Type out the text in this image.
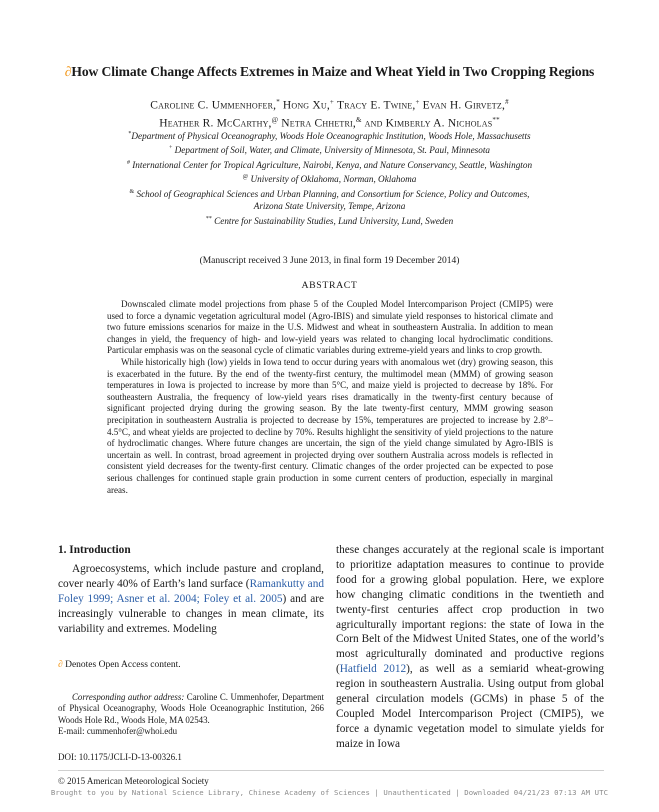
∂How Climate Change Affects Extremes in Maize and Wheat Yield in Two Cropping Regions
Caroline C. Ummenhofer,* Hong Xu,+ Tracy E. Twine,+ Evan H. Girvetz,#
Heather R. McCarthy,@ Netra Chhetri,& and Kimberly A. Nicholas**
*Department of Physical Oceanography, Woods Hole Oceanographic Institution, Woods Hole, Massachusetts
+ Department of Soil, Water, and Climate, University of Minnesota, St. Paul, Minnesota
# International Center for Tropical Agriculture, Nairobi, Kenya, and Nature Conservancy, Seattle, Washington
@ University of Oklahoma, Norman, Oklahoma
& School of Geographical Sciences and Urban Planning, and Consortium for Science, Policy and Outcomes,
Arizona State University, Tempe, Arizona
** Centre for Sustainability Studies, Lund University, Lund, Sweden
(Manuscript received 3 June 2013, in final form 19 December 2014)
ABSTRACT

Downscaled climate model projections from phase 5 of the Coupled Model Intercomparison Project (CMIP5) were used to force a dynamic vegetation agricultural model (Agro-IBIS) and simulate yield responses to historical climate and two future emissions scenarios for maize in the U.S. Midwest and wheat in southeastern Australia. In addition to mean changes in yield, the frequency of high- and low-yield years was related to changing local hydroclimatic conditions. Particular emphasis was on the seasonal cycle of climatic variables during extreme-yield years and links to crop growth.

While historically high (low) yields in Iowa tend to occur during years with anomalous wet (dry) growing season, this is exacerbated in the future. By the end of the twenty-first century, the multimodel mean (MMM) of growing season temperatures in Iowa is projected to increase by more than 5°C, and maize yield is projected to decrease by 18%. For southeastern Australia, the frequency of low-yield years rises dramatically in the twenty-first century because of significant projected drying during the growing season. By the late twenty-first century, MMM growing season precipitation in southeastern Australia is projected to decrease by 15%, temperatures are projected to increase by 2.8°–4.5°C, and wheat yields are projected to decline by 70%. Results highlight the sensitivity of yield projections to the nature of hydroclimatic changes. Where future changes are uncertain, the sign of the yield change simulated by Agro-IBIS is uncertain as well. In contrast, broad agreement in projected drying over southern Australia across models is reflected in consistent yield decreases for the twenty-first century. Climatic changes of the order projected can be expected to pose serious challenges for continued staple grain production in some current centers of production, especially in marginal areas.

1. Introduction

Agroecosystems, which include pasture and cropland, cover nearly 40% of Earth’s land surface (Ramankutty and Foley 1999; Asner et al. 2004; Foley et al. 2005) and are increasingly vulnerable to changes in mean climate, its variability and extremes. Modeling

∂ Denotes Open Access content.

Corresponding author address: Caroline C. Ummenhofer, Department of Physical Oceanography, Woods Hole Oceanographic Institution, 266 Woods Hole Rd., Woods Hole, MA 02543.

E-mail: cummenhofer@whoi.edu

DOI: 10.1175/JCLI-D-13-00326.1

these changes accurately at the regional scale is important to prioritize adaptation measures to continue to provide food for a growing global population. Here, we explore how changing climatic conditions in the twentieth and twenty-first centuries affect crop production in two agriculturally important regions: the state of Iowa in the Corn Belt of the Midwest United States, one of the world’s most agriculturally dominated and productive regions (Hatfield 2012), as well as a semiarid wheat-growing region in southeastern Australia. Using output from global general circulation models (GCMs) in phase 5 of the Coupled Model Intercomparison Project (CMIP5), we force a dynamic vegetation model to simulate yields for maize in Iowa

© 2015 American Meteorological Society
Brought to you by National Science Library, Chinese Academy of Sciences | Unauthenticated | Downloaded 04/21/23 07:13 AM UTC
